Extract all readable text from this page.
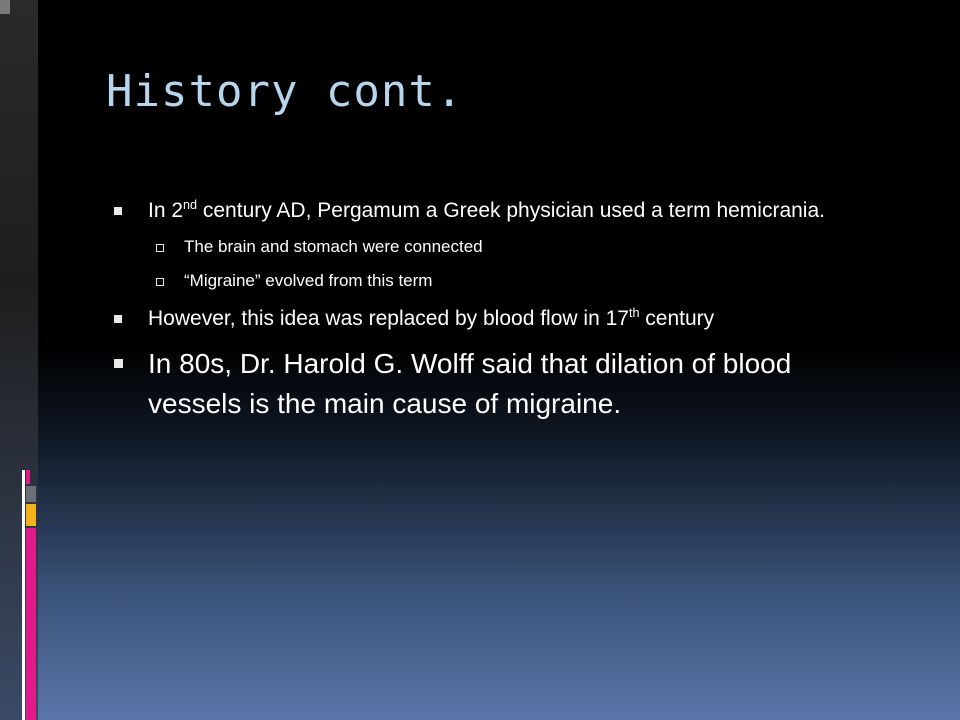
History cont.
In 2nd century AD, Pergamum a Greek physician used a term hemicrania.
The brain and stomach were connected
“Migraine” evolved from this term
However, this idea was replaced by blood flow in 17th century
In 80s, Dr. Harold G. Wolff said that dilation of blood vessels is the main cause of migraine.
